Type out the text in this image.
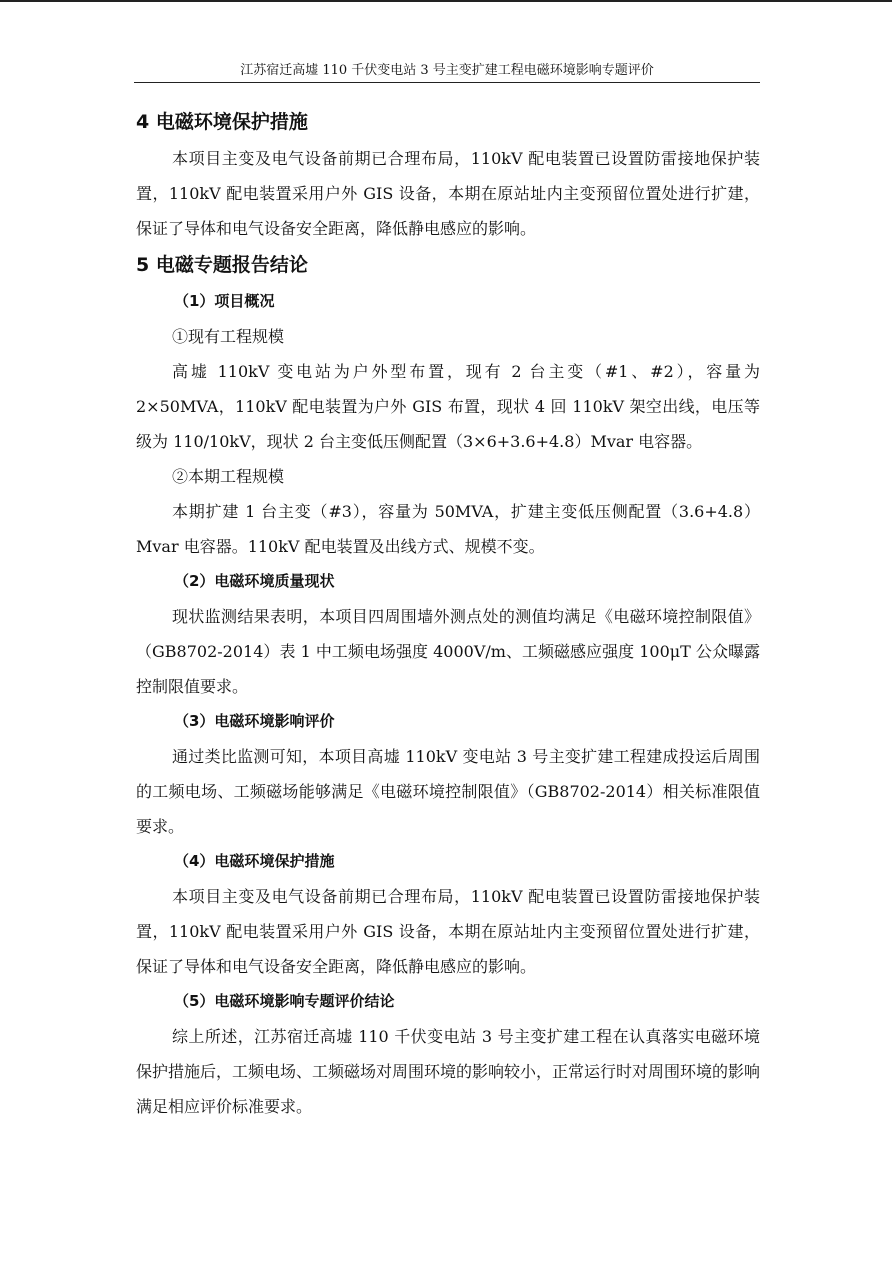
江苏宿迁高墟 110 千伏变电站 3 号主变扩建工程电磁环境影响专题评价
4 电磁环境保护措施

本项目主变及电气设备前期已合理布局，110kV 配电装置已设置防雷接地保护装置，110kV 配电装置采用户外 GIS 设备，本期在原站址内主变预留位置处进行扩建，保证了导体和电气设备安全距离，降低静电感应的影响。

5 电磁专题报告结论
（1）项目概况

①现有工程规模

高墟 110kV 变电站为户外型布置，现有 2 台主变（#1、#2），容量为 2×50MVA，110kV 配电装置为户外 GIS 布置，现状 4 回 110kV 架空出线，电压等级为 110/10kV，现状 2 台主变低压侧配置（3×6+3.6+4.8）Mvar 电容器。

②本期工程规模

本期扩建 1 台主变（#3），容量为 50MVA，扩建主变低压侧配置（3.6+4.8）Mvar 电容器。110kV 配电装置及出线方式、规模不变。

（2）电磁环境质量现状

现状监测结果表明，本项目四周围墙外测点处的测值均满足《电磁环境控制限值》（GB8702-2014）表 1 中工频电场强度 4000V/m、工频磁感应强度 100μT 公众曝露控制限值要求。

（3）电磁环境影响评价

通过类比监测可知，本项目高墟 110kV 变电站 3 号主变扩建工程建成投运后周围的工频电场、工频磁场能够满足《电磁环境控制限值》（GB8702-2014）相关标准限值要求。

（4）电磁环境保护措施

本项目主变及电气设备前期已合理布局，110kV 配电装置已设置防雷接地保护装置，110kV 配电装置采用户外 GIS 设备，本期在原站址内主变预留位置处进行扩建，保证了导体和电气设备安全距离，降低静电感应的影响。

（5）电磁环境影响专题评价结论

综上所述，江苏宿迁高墟 110 千伏变电站 3 号主变扩建工程在认真落实电磁环境保护措施后，工频电场、工频磁场对周围环境的影响较小，正常运行时对周围环境的影响满足相应评价标准要求。
